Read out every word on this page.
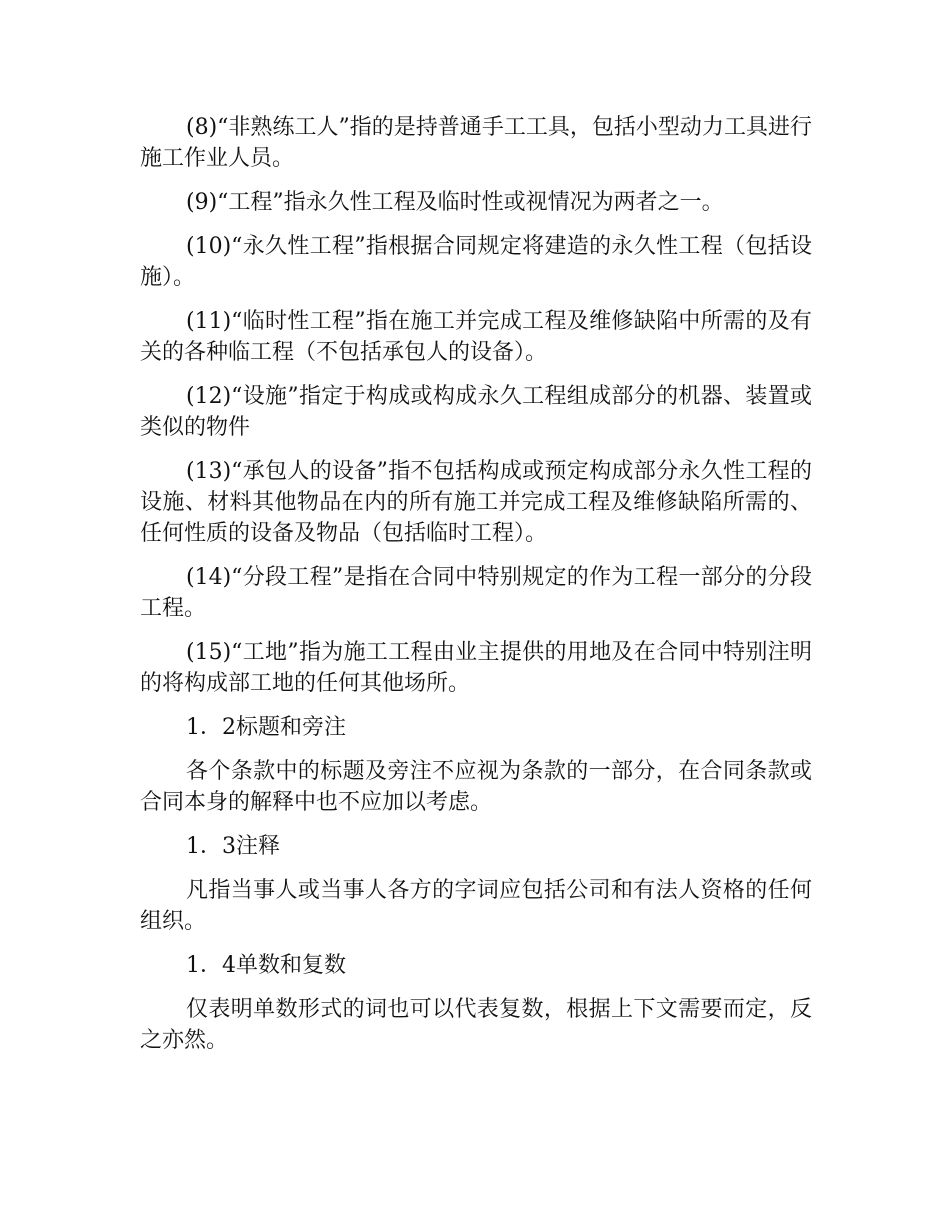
(8)“非熟练工人”指的是持普通手工工具，包括小型动力工具进行施工作业人员。

(9)“工程”指永久性工程及临时性或视情况为两者之一。

(10)“永久性工程”指根据合同规定将建造的永久性工程（包括设施）。

(11)“临时性工程”指在施工并完成工程及维修缺陷中所需的及有关的各种临工程（不包括承包人的设备）。

(12)“设施”指定于构成或构成永久工程组成部分的机器、装置或类似的物件

(13)“承包人的设备”指不包括构成或预定构成部分永久性工程的设施、材料其他物品在内的所有施工并完成工程及维修缺陷所需的、任何性质的设备及物品（包括临时工程）。

(14)“分段工程”是指在合同中特别规定的作为工程一部分的分段工程。

(15)“工地”指为施工工程由业主提供的用地及在合同中特别注明的将构成部工地的任何其他场所。

1．2标题和旁注

各个条款中的标题及旁注不应视为条款的一部分，在合同条款或合同本身的解释中也不应加以考虑。

1．3注释

凡指当事人或当事人各方的字词应包括公司和有法人资格的任何组织。

1．4单数和复数

仅表明单数形式的词也可以代表复数，根据上下文需要而定，反之亦然。
